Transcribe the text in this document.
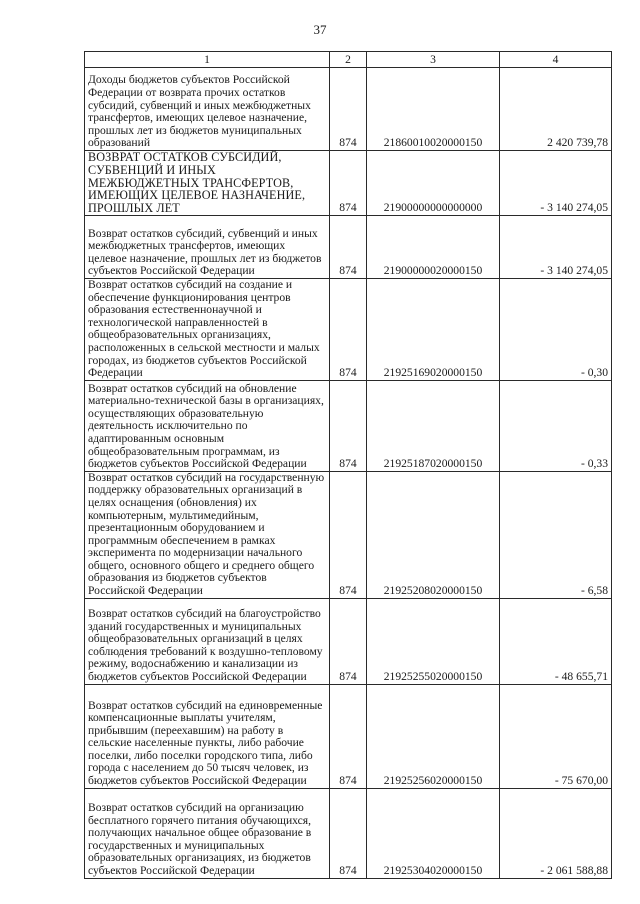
37
1	2	3	4
Доходы бюджетов субъектов Российской Федерации от возврата прочих остатков субсидий, субвенций и иных межбюджетных трансфертов, имеющих целевое назначение, прошлых лет из бюджетов муниципальных образований	874	21860010020000150	2 420 739,78
ВОЗВРАТ ОСТАТКОВ СУБСИДИЙ, СУБВЕНЦИЙ И ИНЫХ МЕЖБЮДЖЕТНЫХ ТРАНСФЕРТОВ, ИМЕЮЩИХ ЦЕЛЕВОЕ НАЗНАЧЕНИЕ, ПРОШЛЫХ ЛЕТ	874	21900000000000000	- 3 140 274,05
Возврат остатков субсидий, субвенций и иных межбюджетных трансфертов, имеющих целевое назначение, прошлых лет из бюджетов субъектов Российской Федерации	874	21900000020000150	- 3 140 274,05
Возврат остатков субсидий на создание и обеспечение функционирования центров образования естественнонаучной и технологической направленностей в общеобразовательных организациях, расположенных в сельской местности и малых городах, из бюджетов субъектов Российской Федерации	874	21925169020000150	- 0,30
Возврат остатков субсидий на обновление материально-технической базы в организациях, осуществляющих образовательную деятельность исключительно по адаптированным основным общеобразовательным программам, из бюджетов субъектов Российской Федерации	874	21925187020000150	- 0,33
Возврат остатков субсидий на государственную поддержку образовательных организаций в целях оснащения (обновления) их компьютерным, мультимедийным, презентационным оборудованием и программным обеспечением в рамках эксперимента по модернизации начального общего, основного общего и среднего общего образования из бюджетов субъектов Российской Федерации	874	21925208020000150	- 6,58
Возврат остатков субсидий на благоустройство зданий государственных и муниципальных общеобразовательных организаций в целях соблюдения требований к воздушно-тепловому режиму, водоснабжению и канализации из бюджетов субъектов Российской Федерации	874	21925255020000150	- 48 655,71
Возврат остатков субсидий на единовременные компенсационные выплаты учителям, прибывшим (переехавшим) на работу в сельские населенные пункты, либо рабочие поселки, либо поселки городского типа, либо города с населением до 50 тысяч человек, из бюджетов субъектов Российской Федерации	874	21925256020000150	- 75 670,00
Возврат остатков субсидий на организацию бесплатного горячего питания обучающихся, получающих начальное общее образование в государственных и муниципальных образовательных организациях, из бюджетов субъектов Российской Федерации	874	21925304020000150	- 2 061 588,88
